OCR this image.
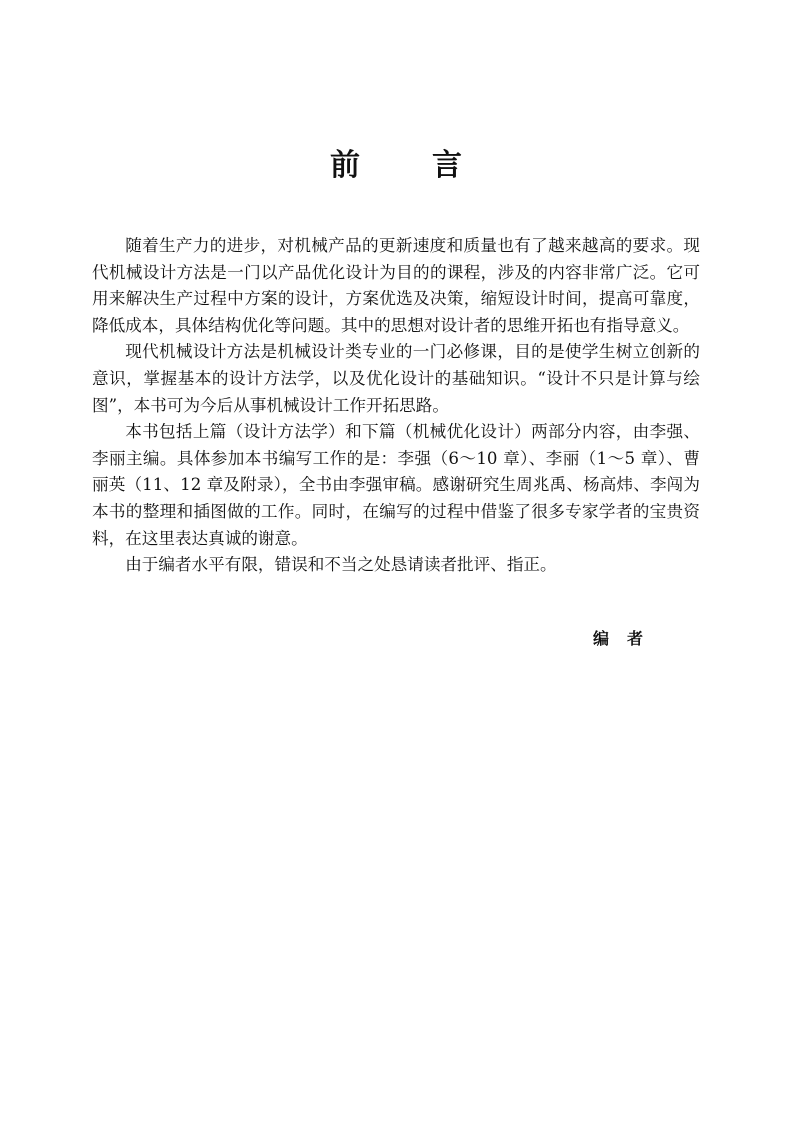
前言

随着生产力的进步，对机械产品的更新速度和质量也有了越来越高的要求。现代机械设计方法是一门以产品优化设计为目的的课程，涉及的内容非常广泛。它可用来解决生产过程中方案的设计，方案优选及决策，缩短设计时间，提高可靠度，降低成本，具体结构优化等问题。其中的思想对设计者的思维开拓也有指导意义。

现代机械设计方法是机械设计类专业的一门必修课，目的是使学生树立创新的意识，掌握基本的设计方法学，以及优化设计的基础知识。“设计不只是计算与绘图”，本书可为今后从事机械设计工作开拓思路。

本书包括上篇（设计方法学）和下篇（机械优化设计）两部分内容，由李强、李丽主编。具体参加本书编写工作的是：李强（6～10 章）、李丽（1～5 章）、曹丽英（11、12 章及附录），全书由李强审稿。感谢研究生周兆禹、杨高炜、李闯为本书的整理和插图做的工作。同时，在编写的过程中借鉴了很多专家学者的宝贵资料，在这里表达真诚的谢意。

由于编者水平有限，错误和不当之处恳请读者批评、指正。

编者
